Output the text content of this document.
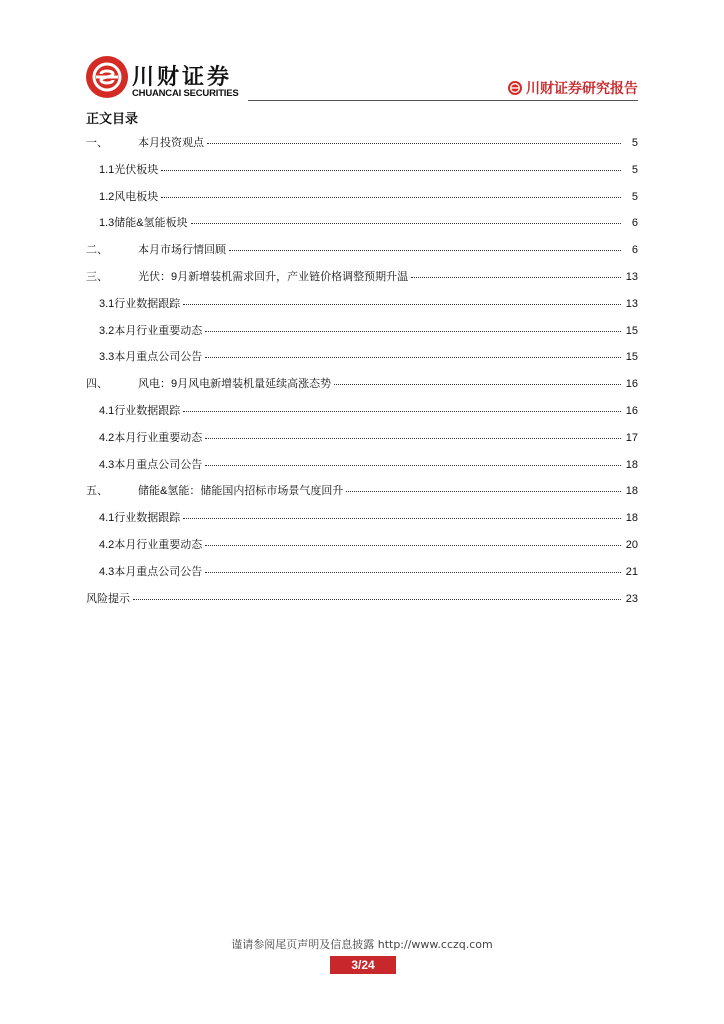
川财证券
CHUANCAI SECURITIES	川财证券研究报告
正文目录
一、	本月投资观点	5
1.1 光伏板块	5
1.2 风电板块	5
1.3 储能&氢能板块	6
二、	本月市场行情回顾	6
三、	光伏：9月新增装机需求回升，产业链价格调整预期升温	13
3.1 行业数据跟踪	13
3.2 本月行业重要动态	15
3.3 本月重点公司公告	15
四、	风电：9月风电新增装机量延续高涨态势	16
4.1 行业数据跟踪	16
4.2 本月行业重要动态	17
4.3 本月重点公司公告	18
五、	储能&氢能：储能国内招标市场景气度回升	18
4.1 行业数据跟踪	18
4.2 本月行业重要动态	20
4.3 本月重点公司公告	21
风险提示	23
谨请参阅尾页声明及信息披露 http://www.cczq.com
3/24
